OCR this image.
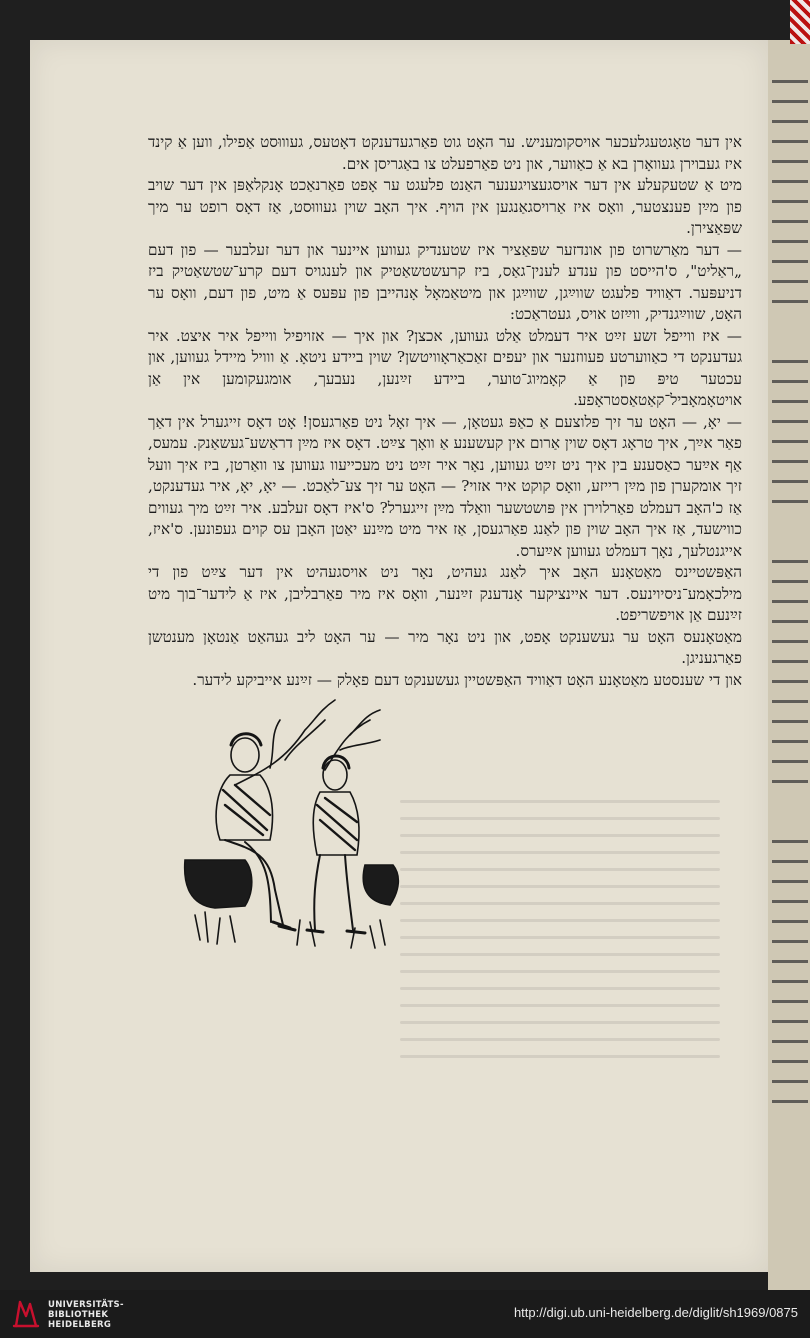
אין דער טאָגטעגלעכער אויסקומעניש. ער האָט גוט פאַרגעדענקט דאָטעס, געוווּסט אַפילו, ווען אַ קינד איז געבוירן געוואָרן בא אַ כאַווער, און ניט פאַרפעלט צו באַגריסן אים.

מיט אַ שטעקעלע אין דער אויסגעצויגענער האַנט פלעגט ער אָפט פאַרנאַכט אָנקלאַפּן אין דער שויב פון מײַן פענצטער, וואָס איז אַרויסגאַנגען אין הויף. איך האָב שוין געוווּסט, אַז דאָס רופט ער מיך שפּאַצירן.

— דער מאַרשרוט פון אונדזער שפּאַציר איז שטענדיק געווען איינער און דער זעלבער — פון דעם „ראַליט", ס'הייסט פון ענדע לענין־גאַס, ביז קרעשטשאַטיק און לענגויס דעם קרע־שטשאַטיק ביז דניעפּער. דאַוויד פלעגט שווײַגן, שווײַגן און מיטאַמאָל אָנהייבן פון עפּעס אַ מיט, פון דעם, וואָס ער האָט, שווײַגנדיק, ווײַזט אויס, געטראַכט:

— איז ווייפל זשע זײַט איר דעמלט אַלט געווען, אכצן? און איך — אזויפיל ווייפל איר איצט. איר געדענקט די כאַווערטע פעווזנער און יעפים זאַכאַראָוויטשן? שוין ביידע ניטאָ. אַ ווויל מיידל געווען, און עכטער טיפּ פון אַ קאָמיוג־טוער, ביידע זײַנען, נעבעך, אומגעקומען אין אַן אויטאָמאָביל־קאַטאַסטראָפע.

— יאָ, — האָט ער זיך פלוצעם אַ כאַפּ געטאָן, — איך זאָל ניט פאַרגעסן! אָט דאָס זייגערל אין דאַך פאַר אײַך, איך טראָג דאָס שוין אַרום אין קעשענע אַ וואָך צײַט. דאָס איז מײַן דראַשע־געשאַנק. עמעס, אַף אײַער כאַסענע בין איך ניט זײַט געווען, נאָר איר זײַט ניט מעכייעוו געווען צו וואַרטן, ביז איך וועל זיך אומקערן פון מײַן רייזע, וואָס קוקט איר אזוי? — האָט ער זיך צע־לאַכט. — יאָ, יאָ, איר געדענקט, אַז כ'האָב דעמלט פאַרלוירן אין פּושטשער וואַלד מײַן זייגערל? ס'איז דאָס זעלבע. איר זײַט מיך געווים כווישעד, אַז איך האָב שוין פון לאַנג פאַרגעסן, אַז איר מיט מײַנע יאַטן האָבן עס קוים געפונען. ס'איז, אייגנטלעך, נאָך דעמלט געווען אײַערס.

האַפּשטיינס מאַטאָנע האָב איך לאַנג געהיט, נאָר ניט אויסגעהיט אין דער צײַט פון די מילכאָמע־ניסיוינעס. דער איינציקער אָנדענק זײַנער, וואָס איז מיר פאַרבליבן, איז אַ לידער־בוך מיט זײַנעם אַן אויפשריפט.

מאַטאָנעס האָט ער געשענקט אָפט, און ניט נאָר מיר — ער האָט ליב געהאַט אַנטאָן מענטשן פאַרגעניגן.

און די שענסטע מאַטאָנע האָט דאַוויד האַפּשטיין געשענקט דעם פאָלק — זײַנע אייביקע לידער.

UNIVERSITÄTS-
BIBLIOTHEK
HEIDELBERG
http://digi.ub.uni-heidelberg.de/diglit/sh1969/0875
